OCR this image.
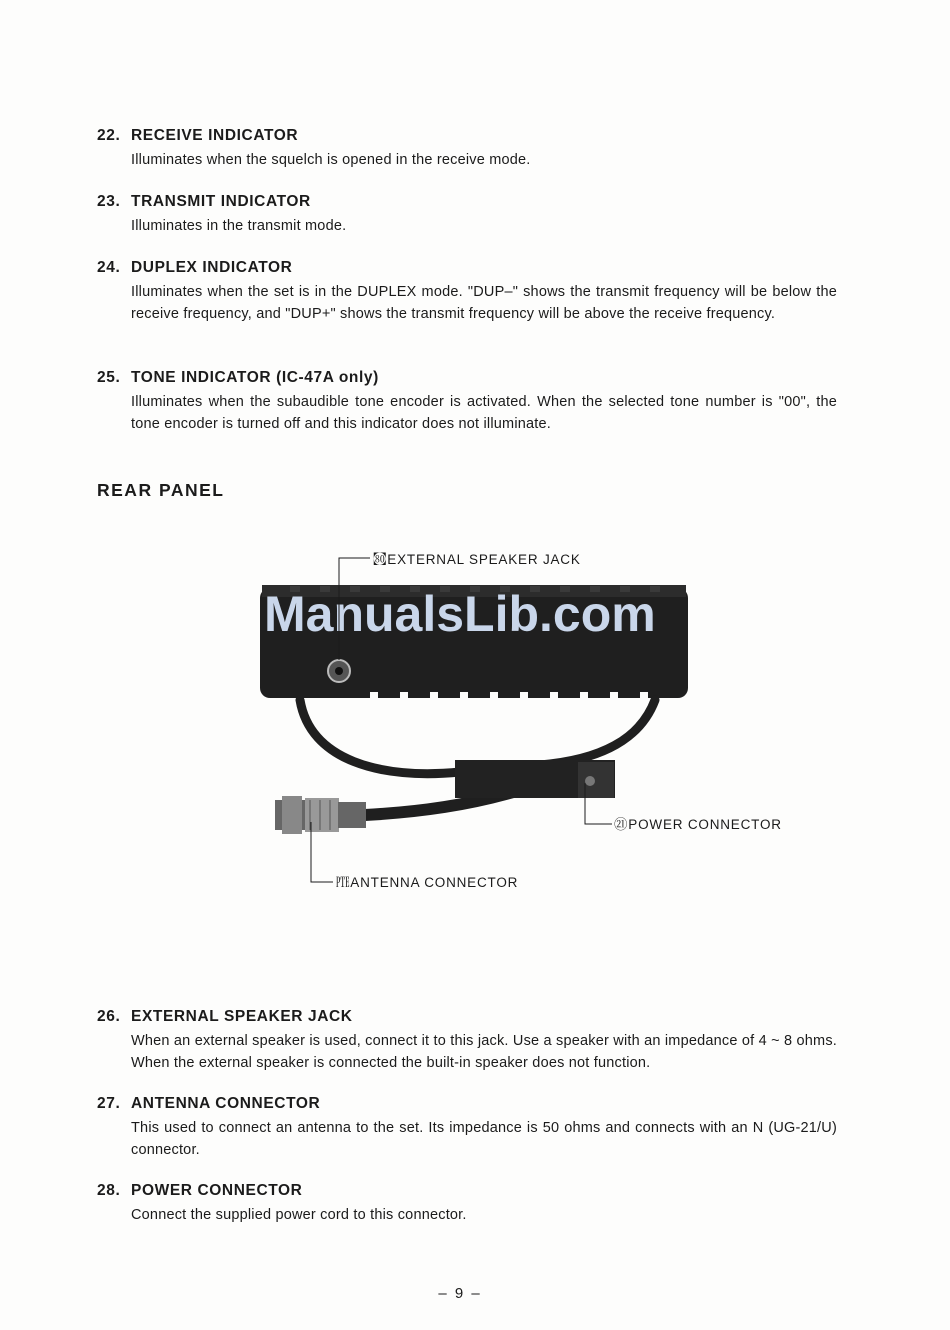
22. RECEIVE INDICATOR
Illuminates when the squelch is opened in the receive mode.
23. TRANSMIT INDICATOR
Illuminates in the transmit mode.
24. DUPLEX INDICATOR
Illuminates when the set is in the DUPLEX mode. "DUP–" shows the transmit frequency will be below the receive frequency, and "DUP+" shows the transmit frequency will be above the receive frequency.
25. TONE INDICATOR (IC-47A only)
Illuminates when the subaudible tone encoder is activated. When the selected tone number is "00", the tone encoder is turned off and this indicator does not illuminate.
REAR PANEL
ManualsLib.com
㉏EXTERNAL SPEAKER JACK
㉐ANTENNA CONNECTOR
㉑POWER CONNECTOR
26. EXTERNAL SPEAKER JACK
When an external speaker is used, connect it to this jack. Use a speaker with an impedance of 4 ~ 8 ohms. When the external speaker is connected the built-in speaker does not function.
27. ANTENNA CONNECTOR
This used to connect an antenna to the set. Its impedance is 50 ohms and connects with an N (UG-21/U) connector.
28. POWER CONNECTOR
Connect the supplied power cord to this connector.
– 9 –
